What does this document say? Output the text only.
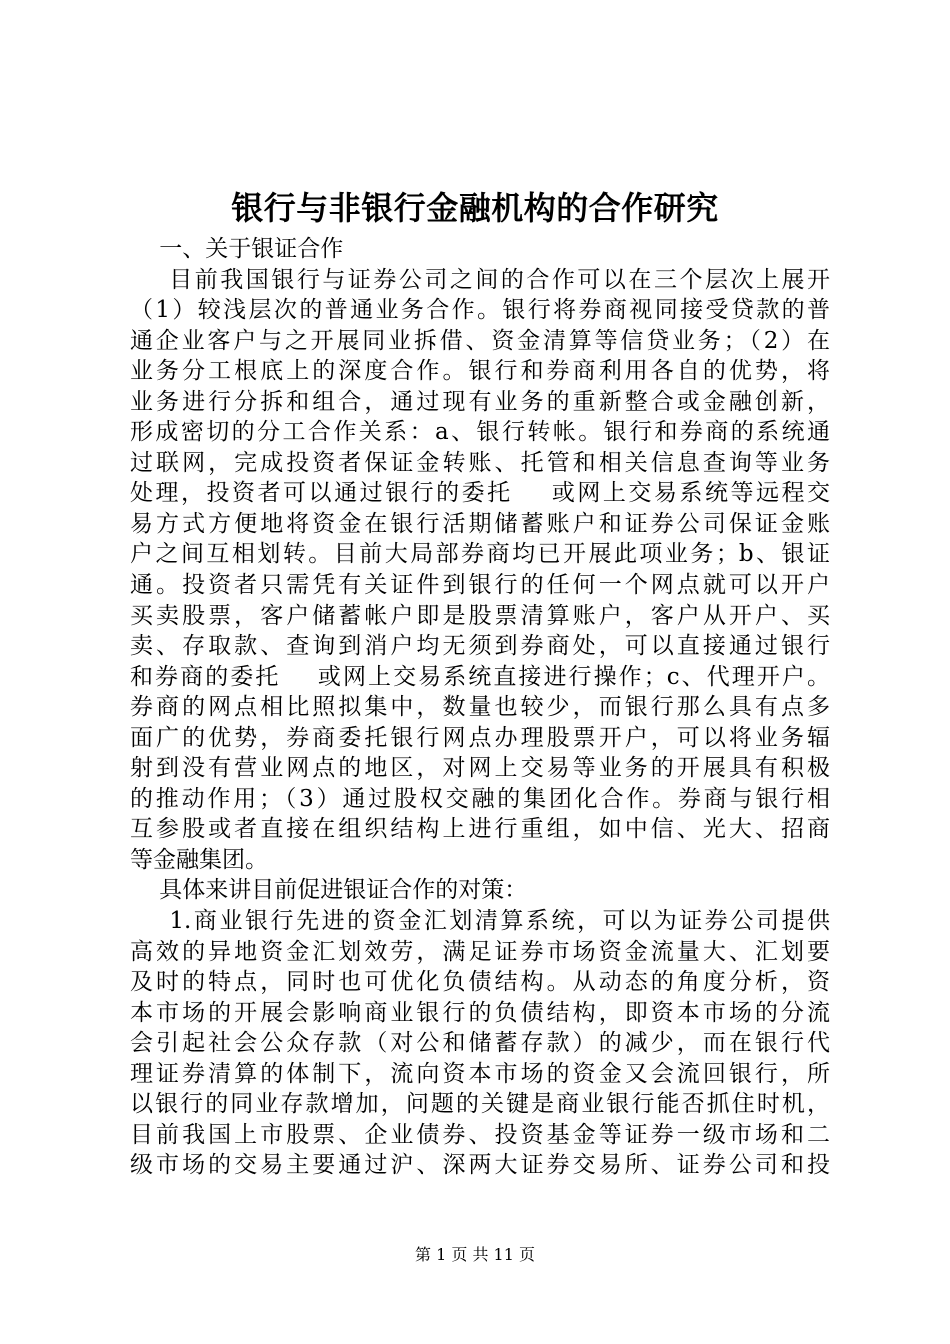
银行与非银行金融机构的合作研究
一、关于银证合作
目前我国银行与证券公司之间的合作可以在三个层次上展开
（1）较浅层次的普通业务合作。银行将券商视同接受贷款的普
通企业客户与之开展同业拆借、资金清算等信贷业务；（2）在
业务分工根底上的深度合作。银行和券商利用各自的优势，将
业务进行分拆和组合，通过现有业务的重新整合或金融创新，
形成密切的分工合作关系：a、银行转帐。银行和券商的系统通
过联网，完成投资者保证金转账、托管和相关信息查询等业务
处理，投资者可以通过银行的委托    或网上交易系统等远程交
易方式方便地将资金在银行活期储蓄账户和证券公司保证金账
户之间互相划转。目前大局部券商均已开展此项业务；b、银证
通。投资者只需凭有关证件到银行的任何一个网点就可以开户
买卖股票，客户储蓄帐户即是股票清算账户，客户从开户、买
卖、存取款、查询到消户均无须到券商处，可以直接通过银行
和券商的委托    或网上交易系统直接进行操作；c、代理开户。
券商的网点相比照拟集中，数量也较少，而银行那么具有点多
面广的优势，券商委托银行网点办理股票开户，可以将业务辐
射到没有营业网点的地区，对网上交易等业务的开展具有积极
的推动作用；（3）通过股权交融的集团化合作。券商与银行相
互参股或者直接在组织结构上进行重组，如中信、光大、招商
等金融集团。
具体来讲目前促进银证合作的对策：
1.商业银行先进的资金汇划清算系统，可以为证券公司提供
高效的异地资金汇划效劳，满足证券市场资金流量大、汇划要
及时的特点，同时也可优化负债结构。从动态的角度分析，资
本市场的开展会影响商业银行的负债结构，即资本市场的分流
会引起社会公众存款（对公和储蓄存款）的减少，而在银行代
理证券清算的体制下，流向资本市场的资金又会流回银行，所
以银行的同业存款增加，问题的关键是商业银行能否抓住时机，
目前我国上市股票、企业债券、投资基金等证券一级市场和二
级市场的交易主要通过沪、深两大证券交易所、证券公司和投
第 1 页 共 11 页
